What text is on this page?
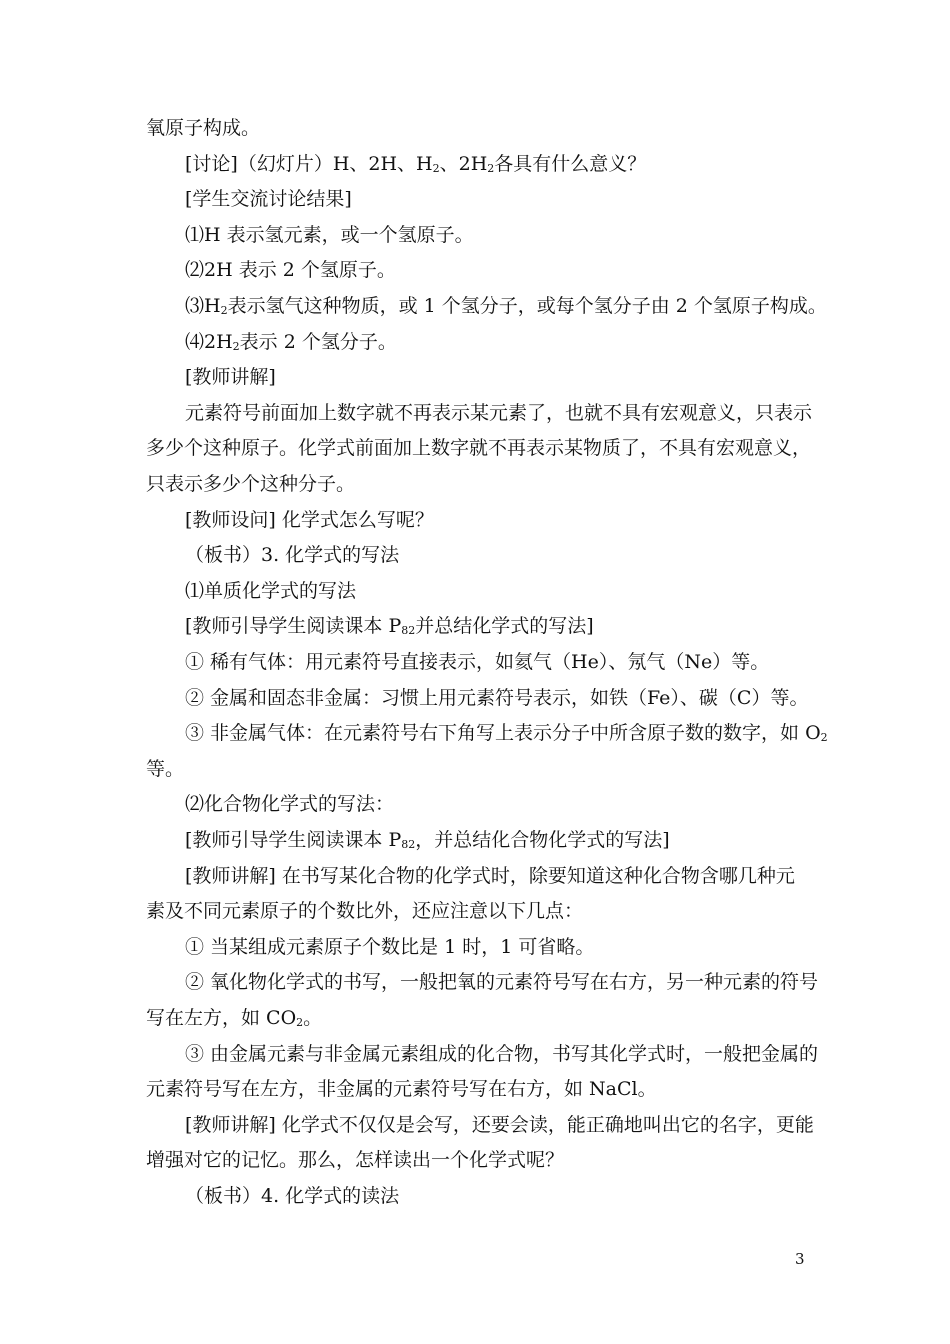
氧原子构成。
[讨论]（幻灯片）H、2H、$H_2$、$2H_2$各具有什么意义？
[学生交流讨论结果]
⑴H 表示氢元素，或一个氢原子。
⑵2H 表示 2 个氢原子。
$⑶H_2$表示氢气这种物质，或 1 个氢分子，或每个氢分子由 2 个氢原子构成。
$⑷2H_2$表示 2 个氢分子。
[教师讲解]
元素符号前面加上数字就不再表示某元素了，也就不具有宏观意义，只表示
多少个这种原子。化学式前面加上数字就不再表示某物质了，不具有宏观意义，
只表示多少个这种分子。
[教师设问] 化学式怎么写呢？
（板书）3. 化学式的写法
⑴单质化学式的写法
[教师引导学生阅读课本 $P_{82}$并总结化学式的写法]
① 稀有气体：用元素符号直接表示，如氦气（He）、氖气（Ne）等。
② 金属和固态非金属：习惯上用元素符号表示，如铁（Fe）、碳（C）等。
③ 非金属气体：在元素符号右下角写上表示分子中所含原子数的数字，如 $O_2$
等。
⑵化合物化学式的写法：
[教师引导学生阅读课本 $P_{82}$，并总结化合物化学式的写法]
[教师讲解] 在书写某化合物的化学式时，除要知道这种化合物含哪几种元
素及不同元素原子的个数比外，还应注意以下几点：
① 当某组成元素原子个数比是 1 时，1 可省略。
② 氧化物化学式的书写，一般把氧的元素符号写在右方，另一种元素的符号
写在左方，如 $CO_2$。
③ 由金属元素与非金属元素组成的化合物，书写其化学式时，一般把金属的
元素符号写在左方，非金属的元素符号写在右方，如 NaCl。
[教师讲解] 化学式不仅仅是会写，还要会读，能正确地叫出它的名字，更能
增强对它的记忆。那么，怎样读出一个化学式呢？
（板书）4. 化学式的读法
3
